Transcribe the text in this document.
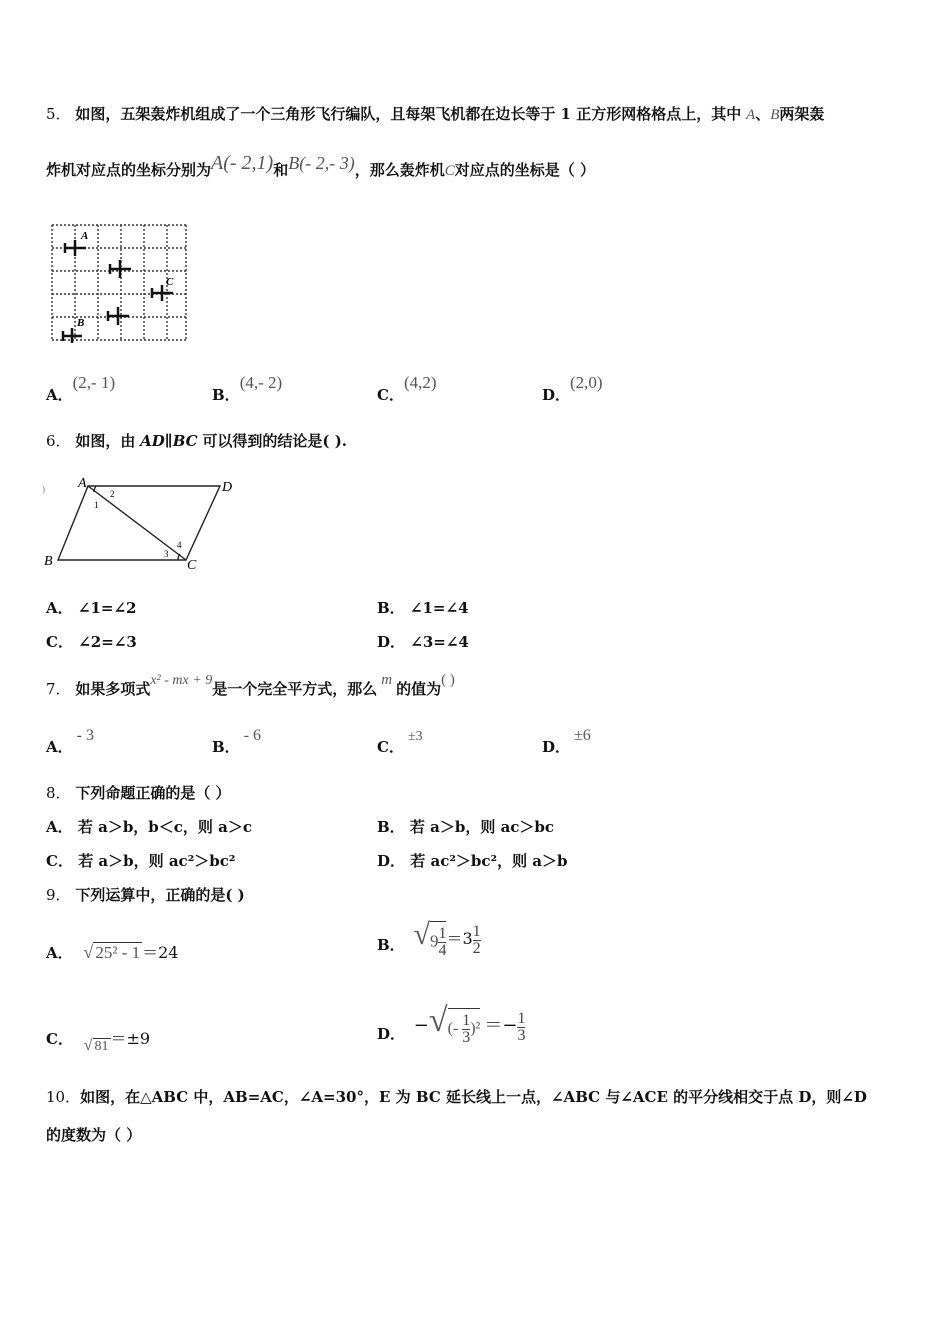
5． 如图，五架轰炸机组成了一个三角形飞行编队，且每架飞机都在边长等于 1 正方形网格格点上，其中 A、B两架轰
炸机对应点的坐标分别为A(- 2,1)和B(- 2,- 3)，那么轰炸机C对应点的坐标是（ ）
A
B
C
A．(2,- 1)
B．(4,- 2)
C．(4,2)
D．(2,0)
6． 如图，由 AD∥BC 可以得到的结论是( ).
A	D
B	C
1
2
3
4
)
A． ∠1=∠2	B． ∠1=∠4
C． ∠2=∠3	D． ∠3=∠4
7． 如果多项式x² - mx + 9是一个完全平方式，那么 m 的值为( )
A．- 3
B．- 6
C．±3
D．±6
8． 下列命题正确的是（ ）
A． 若 a＞b，b＜c，则 a＞c	B． 若 a＞b，则 ac＞bc
C． 若 a＞b，则 ac²＞bc²	D． 若 ac²＞bc²，则 a＞b
9． 下列运算中，正确的是( )
A． √ 25² - 1 ＝24	B． $√9 \frac{1}{4} =3 \frac{1}{2}$
C． √ 81 ＝±9	D． −√(- $\frac{1}{3} )^2 =- \frac{1}{3}$
10．如图，在△ABC 中，AB=AC，∠A=30°，E 为 BC 延长线上一点，∠ABC 与∠ACE 的平分线相交于点 D，则∠D
的度数为（ ）
